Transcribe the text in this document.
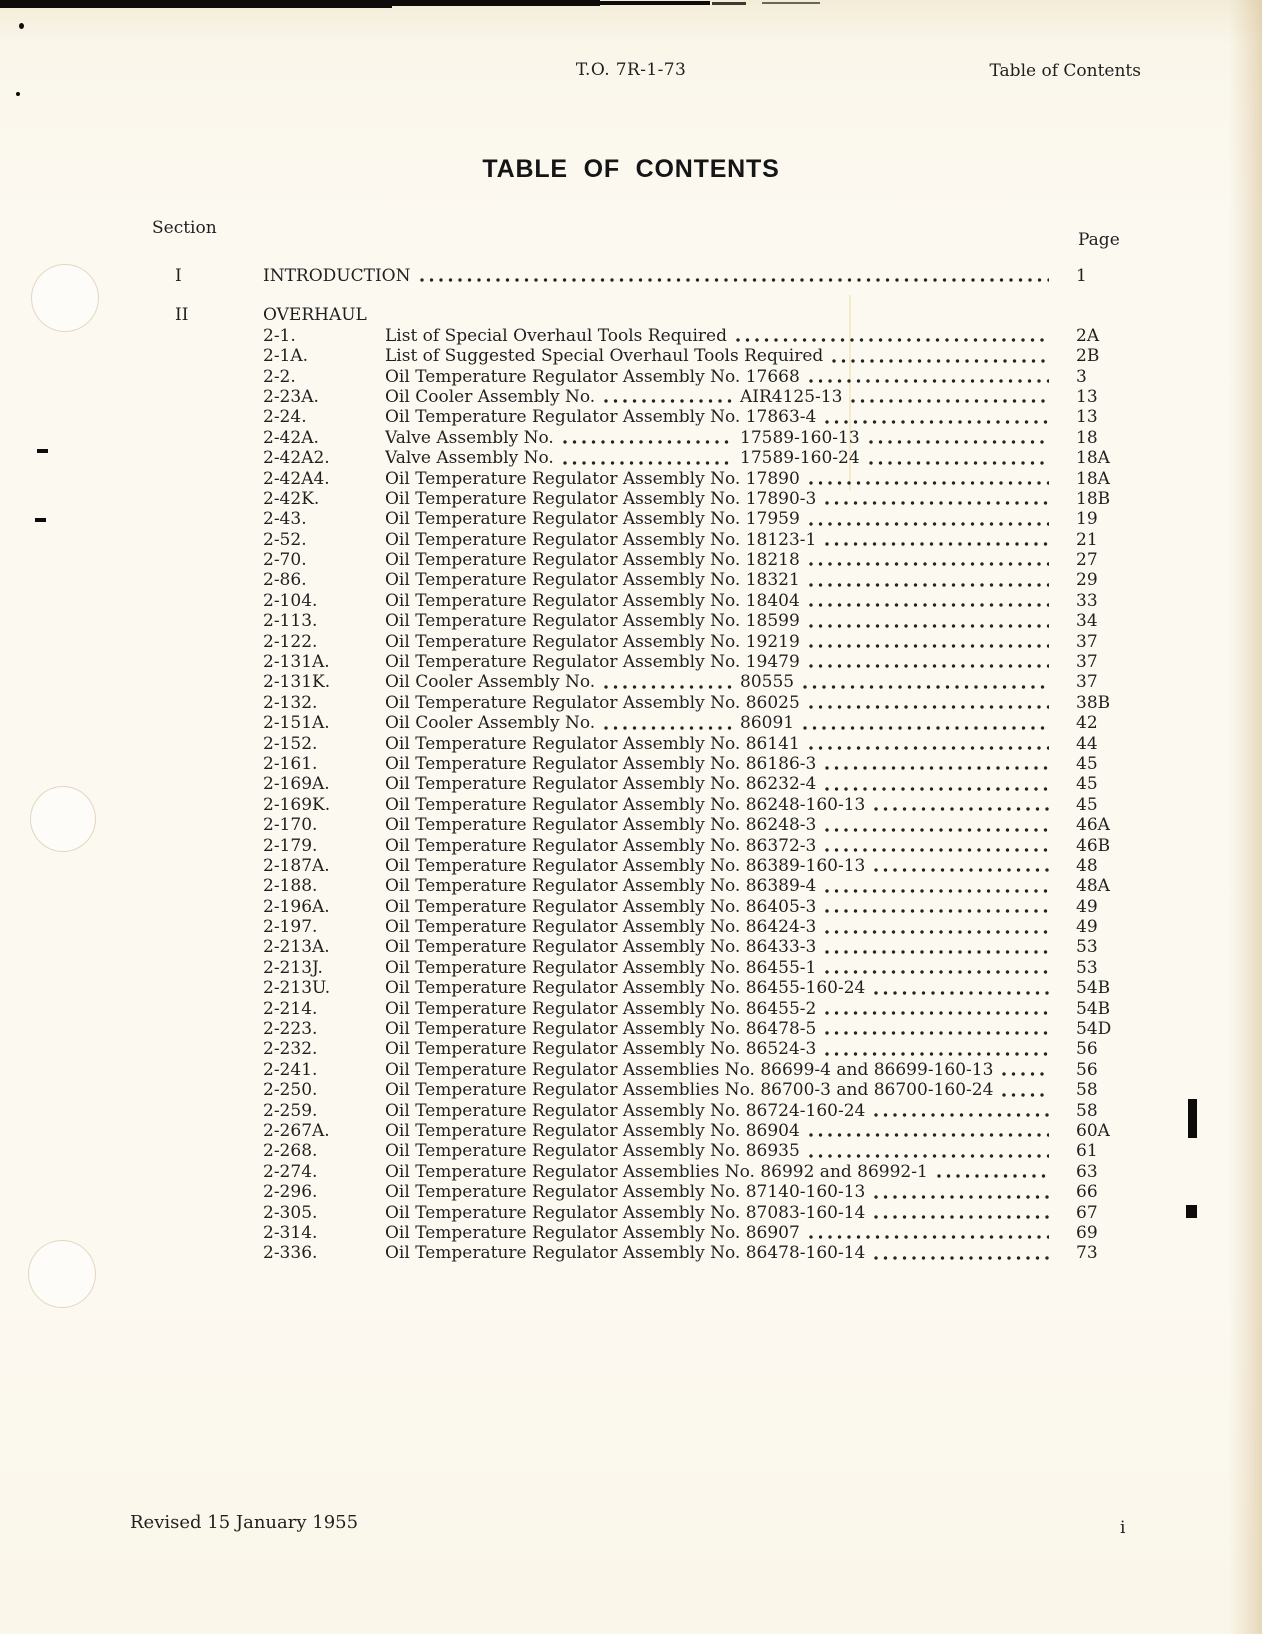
T.O. 7R-1-73	Table of Contents
TABLE OF CONTENTS
Section
Page
I	INTRODUCTION	1
II	OVERHAUL
2-1.	List of Special Overhaul Tools Required	2A
2-1A.	List of Suggested Special Overhaul Tools Required	2B
2-2.	Oil Temperature Regulator Assembly No. 17668	3
2-23A.	Oil Cooler Assembly No.	AIR4125-13	13
2-24.	Oil Temperature Regulator Assembly No. 17863-4	13
2-42A.	Valve Assembly No.	17589-160-13	18
2-42A2.	Valve Assembly No.	17589-160-24	18A
2-42A4.	Oil Temperature Regulator Assembly No. 17890	18A
2-42K.	Oil Temperature Regulator Assembly No. 17890-3	18B
2-43.	Oil Temperature Regulator Assembly No. 17959	19
2-52.	Oil Temperature Regulator Assembly No. 18123-1	21
2-70.	Oil Temperature Regulator Assembly No. 18218	27
2-86.	Oil Temperature Regulator Assembly No. 18321	29
2-104.	Oil Temperature Regulator Assembly No. 18404	33
2-113.	Oil Temperature Regulator Assembly No. 18599	34
2-122.	Oil Temperature Regulator Assembly No. 19219	37
2-131A.	Oil Temperature Regulator Assembly No. 19479	37
2-131K.	Oil Cooler Assembly No.	80555	37
2-132.	Oil Temperature Regulator Assembly No. 86025	38B
2-151A.	Oil Cooler Assembly No.	86091	42
2-152.	Oil Temperature Regulator Assembly No. 86141	44
2-161.	Oil Temperature Regulator Assembly No. 86186-3	45
2-169A.	Oil Temperature Regulator Assembly No. 86232-4	45
2-169K.	Oil Temperature Regulator Assembly No. 86248-160-13	45
2-170.	Oil Temperature Regulator Assembly No. 86248-3	46A
2-179.	Oil Temperature Regulator Assembly No. 86372-3	46B
2-187A.	Oil Temperature Regulator Assembly No. 86389-160-13	48
2-188.	Oil Temperature Regulator Assembly No. 86389-4	48A
2-196A.	Oil Temperature Regulator Assembly No. 86405-3	49
2-197.	Oil Temperature Regulator Assembly No. 86424-3	49
2-213A.	Oil Temperature Regulator Assembly No. 86433-3	53
2-213J.	Oil Temperature Regulator Assembly No. 86455-1	53
2-213U.	Oil Temperature Regulator Assembly No. 86455-160-24	54B
2-214.	Oil Temperature Regulator Assembly No. 86455-2	54B
2-223.	Oil Temperature Regulator Assembly No. 86478-5	54D
2-232.	Oil Temperature Regulator Assembly No. 86524-3	56
2-241.	Oil Temperature Regulator Assemblies No. 86699-4 and 86699-160-13	56
2-250.	Oil Temperature Regulator Assemblies No. 86700-3 and 86700-160-24	58
2-259.	Oil Temperature Regulator Assembly No. 86724-160-24	58
2-267A.	Oil Temperature Regulator Assembly No. 86904	60A
2-268.	Oil Temperature Regulator Assembly No. 86935	61
2-274.	Oil Temperature Regulator Assemblies No. 86992 and 86992-1	63
2-296.	Oil Temperature Regulator Assembly No. 87140-160-13	66
2-305.	Oil Temperature Regulator Assembly No. 87083-160-14	67
2-314.	Oil Temperature Regulator Assembly No. 86907	69
2-336.	Oil Temperature Regulator Assembly No. 86478-160-14	73
Revised 15 January 1955	i
